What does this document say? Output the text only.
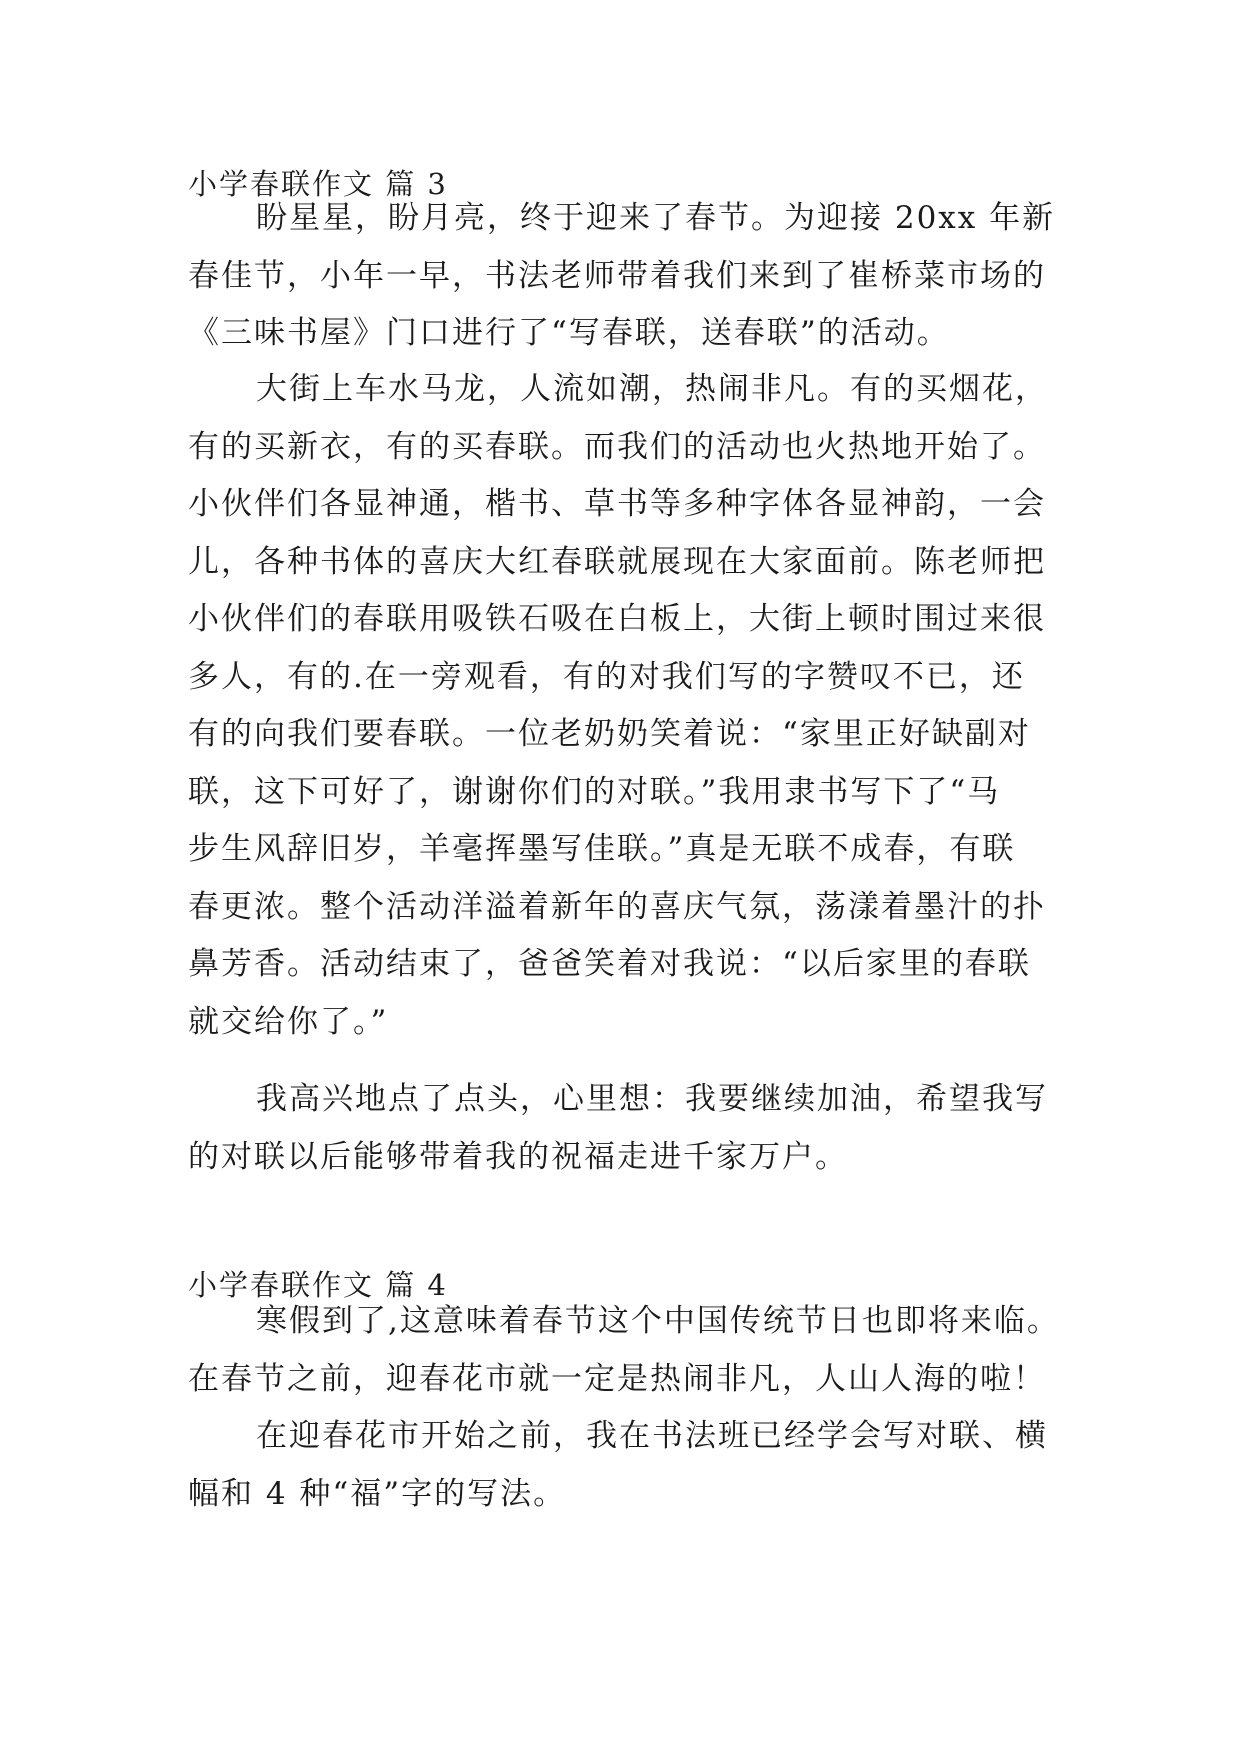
小学春联作文 篇 3
盼星星，盼月亮，终于迎来了春节。为迎接 20xx 年新
春佳节，小年一早，书法老师带着我们来到了崔桥菜市场的
《三味书屋》门口进行了“写春联，送春联”的活动。
大街上车水马龙，人流如潮，热闹非凡。有的买烟花，
有的买新衣，有的买春联。而我们的活动也火热地开始了。
小伙伴们各显神通，楷书、草书等多种字体各显神韵，一会
儿，各种书体的喜庆大红春联就展现在大家面前。陈老师把
小伙伴们的春联用吸铁石吸在白板上，大街上顿时围过来很
多人，有的.在一旁观看，有的对我们写的字赞叹不已，还
有的向我们要春联。一位老奶奶笑着说：“家里正好缺副对
联，这下可好了，谢谢你们的对联。”我用隶书写下了“马
步生风辞旧岁，羊毫挥墨写佳联。”真是无联不成春，有联
春更浓。整个活动洋溢着新年的喜庆气氛，荡漾着墨汁的扑
鼻芳香。活动结束了，爸爸笑着对我说：“以后家里的春联
就交给你了。”
我高兴地点了点头，心里想：我要继续加油，希望我写
的对联以后能够带着我的祝福走进千家万户。
小学春联作文 篇 4
寒假到了,这意味着春节这个中国传统节日也即将来临。
在春节之前，迎春花市就一定是热闹非凡，人山人海的啦！
在迎春花市开始之前，我在书法班已经学会写对联、横
幅和 4 种“福”字的写法。
